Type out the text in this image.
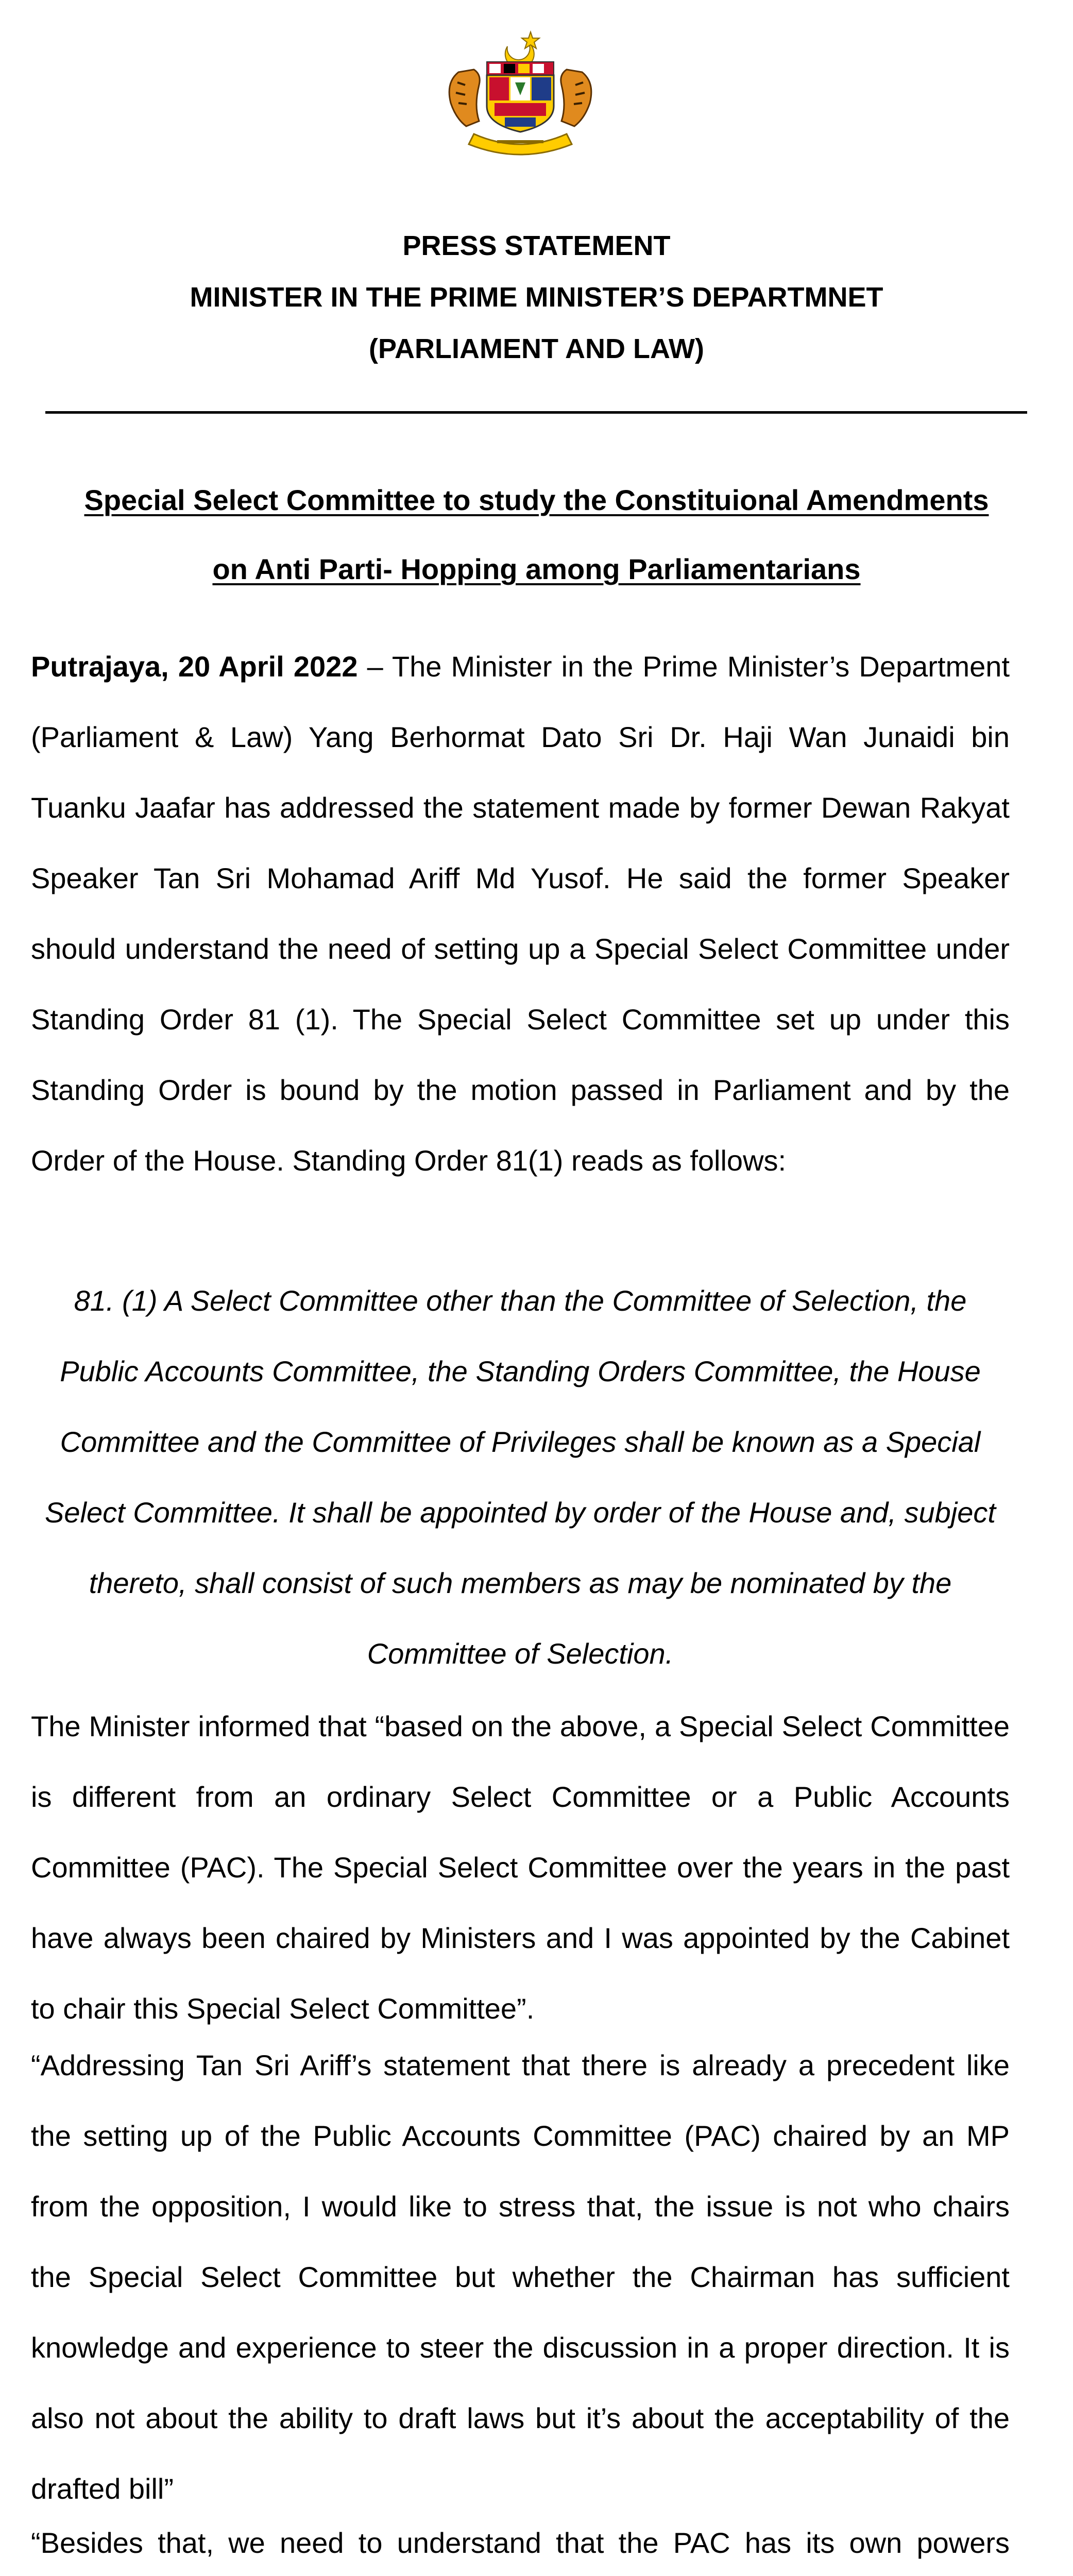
PRESS STATEMENT
MINISTER IN THE PRIME MINISTER’S DEPARTMNET
(PARLIAMENT AND LAW)
Special Select Committee to study the Constituional Amendments
on Anti Parti- Hopping among Parliamentarians
Putrajaya, 20 April 2022 – The Minister in the Prime Minister’s Department (Parliament & Law) Yang Berhormat Dato Sri Dr. Haji Wan Junaidi bin Tuanku Jaafar has addressed the statement made by former Dewan Rakyat Speaker Tan Sri Mohamad Ariff Md Yusof. He said the former Speaker should understand the need of setting up a Special Select Committee under Standing Order 81 (1). The Special Select Committee set up under this Standing Order is bound by the motion passed in Parliament and by the Order of the House. Standing Order 81(1) reads as follows:
81. (1) A Select Committee other than the Committee of Selection, the Public Accounts Committee, the Standing Orders Committee, the House Committee and the Committee of Privileges shall be known as a Special Select Committee. It shall be appointed by order of the House and, subject thereto, shall consist of such members as may be nominated by the Committee of Selection.
The Minister informed that “based on the above, a Special Select Committee is different from an ordinary Select Committee or a Public Accounts Committee (PAC). The Special Select Committee over the years in the past have always been chaired by Ministers and I was appointed by the Cabinet to chair this Special Select Committee”.
“Addressing Tan Sri Ariff’s statement that there is already a precedent like the setting up of the Public Accounts Committee (PAC) chaired by an MP from the opposition, I would like to stress that, the issue is not who chairs the Special Select Committee but whether the Chairman has sufficient knowledge and experience to steer the discussion in a proper direction. It is also not about the ability to draft laws but it’s about the acceptability of the drafted bill”
“Besides that, we need to understand that the PAC has its own powers
